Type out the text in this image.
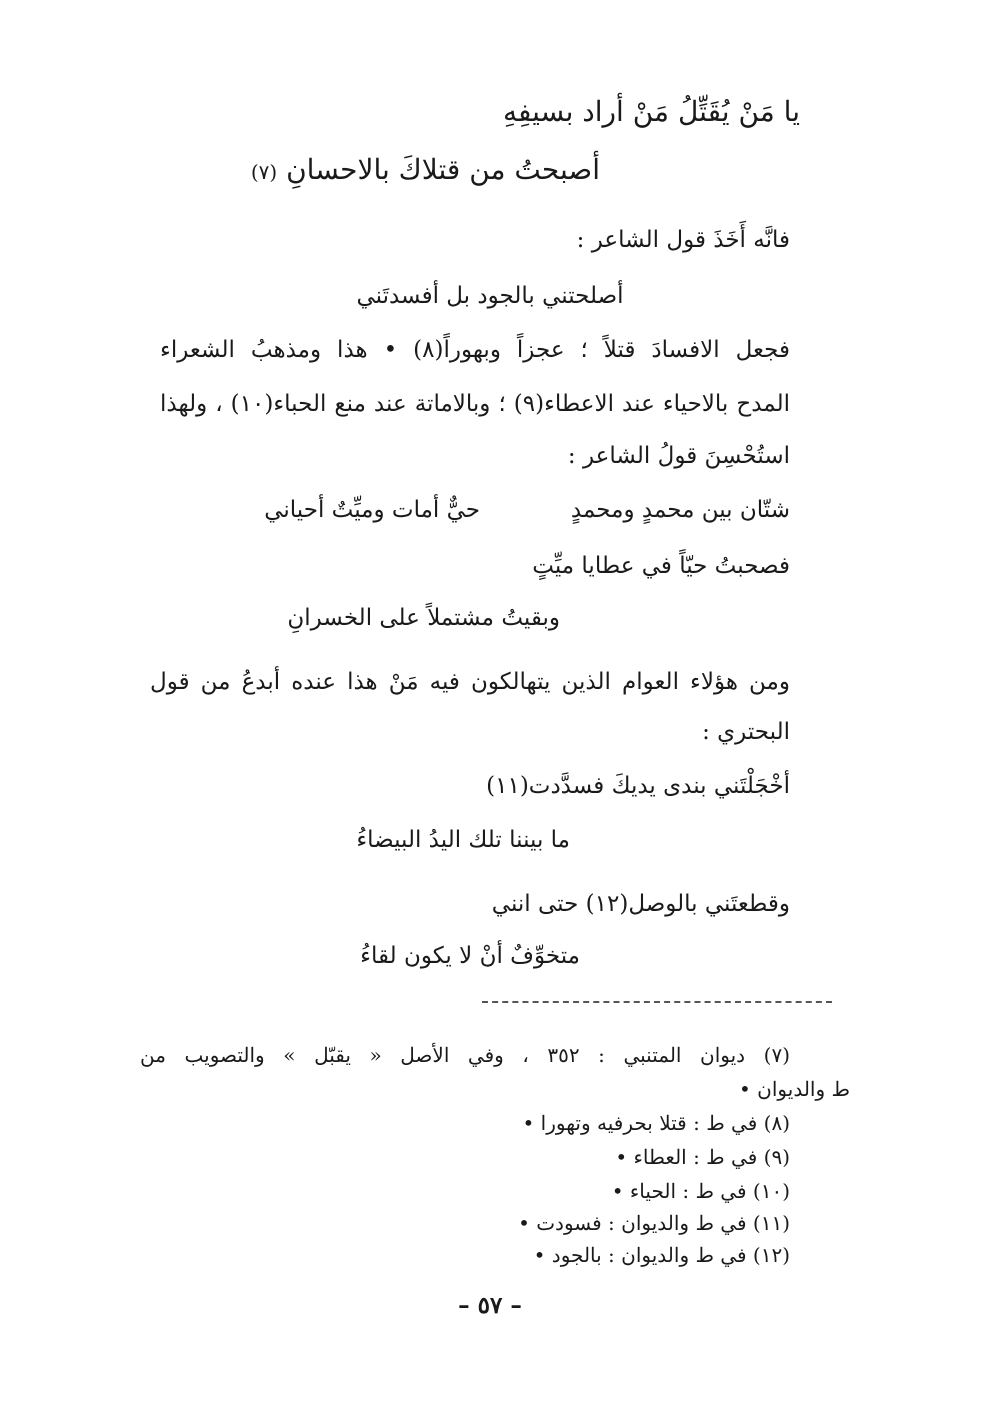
يا مَنْ يُقَتِّلُ مَنْ أراد بسيفِهِ
أصبحتُ من قتلاكَ بالاحسانِ (٧)
فانَّه أَخَذَ قول الشاعر :
أصلحتني بالجود بل أفسدتَني
فجعل الافسادَ قتلاً ؛ عجزاً وبهوراً(٨) • هذا ومذهبُ الشعراء
المدح بالاحياء عند الاعطاء(٩) ؛ وبالاماتة عند منع الحباء(١٠) ، ولهذا
استُحْسِنَ قولُ الشاعر :
شتّان بين محمدٍ ومحمدٍ
حيٌّ أمات وميِّتٌ أحياني
فصحبتُ حيّاً في عطايا ميِّتٍ
وبقيتُ مشتملاً على الخسرانِ
ومن هؤلاء العوام الذين يتهالكون فيه مَنْ هذا عنده أبدعُ من قول
البحتري :
أخْجَلْتَني بندى يديكَ فسدَّدت(١١)
ما بيننا تلك اليدُ البيضاءُ
وقطعتَني بالوصل(١٢) حتى انني
متخوِّفٌ أنْ لا يكون لقاءُ
(٧) ديوان المتنبي : ٣٥٢ ، وفي الأصل « يقبّل » والتصويب من
ط والديوان •
(٨) في ط : قتلا بحرفيه وتهورا •
(٩) في ط : العطاء •
(١٠) في ط : الحياء •
(١١) في ط والديوان : فسودت •
(١٢) في ط والديوان : بالجود •
– ٥٧ –
